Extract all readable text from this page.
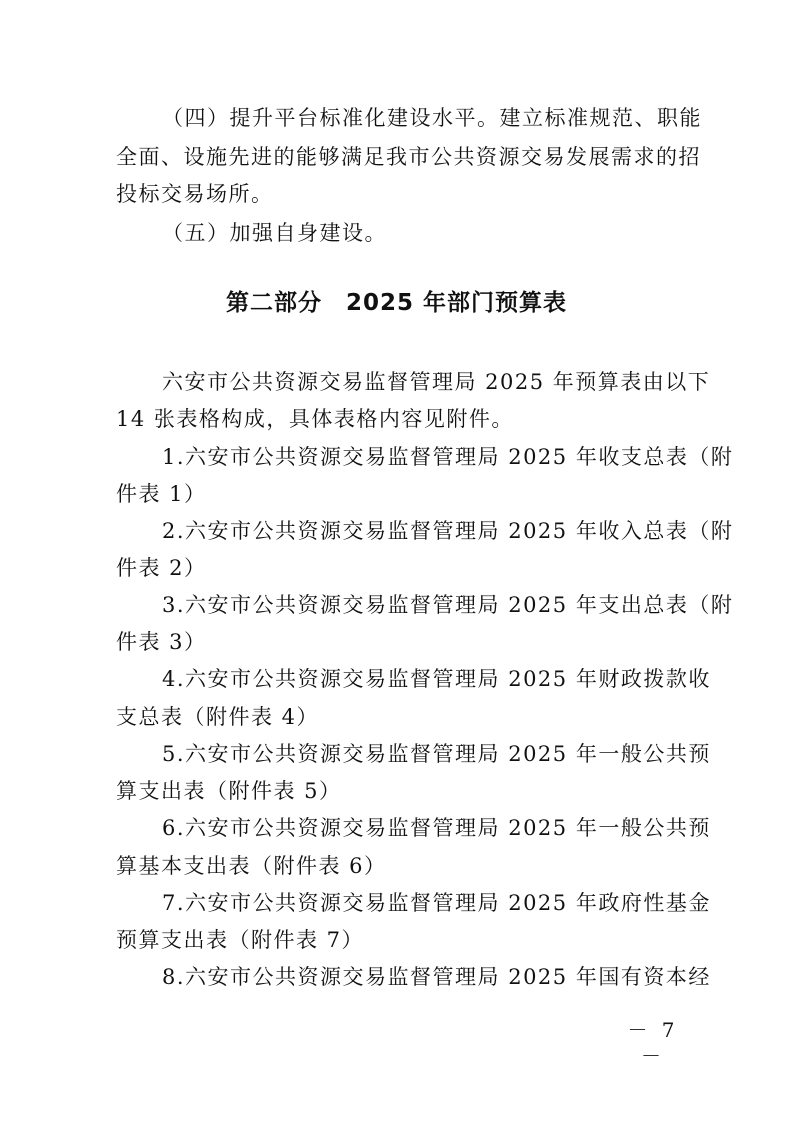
（四）提升平台标准化建设水平。建立标准规范、职能
全面、设施先进的能够满足我市公共资源交易发展需求的招
投标交易场所。
（五）加强自身建设。
第二部分　2025 年部门预算表
六安市公共资源交易监督管理局 2025 年预算表由以下
14 张表格构成，具体表格内容见附件。
1.六安市公共资源交易监督管理局 2025 年收支总表（附
件表 1）
2.六安市公共资源交易监督管理局 2025 年收入总表（附
件表 2）
3.六安市公共资源交易监督管理局 2025 年支出总表（附
件表 3）
4.六安市公共资源交易监督管理局 2025 年财政拨款收
支总表（附件表 4）
5.六安市公共资源交易监督管理局 2025 年一般公共预
算支出表（附件表 5）
6.六安市公共资源交易监督管理局 2025 年一般公共预
算基本支出表（附件表 6）
7.六安市公共资源交易监督管理局 2025 年政府性基金
预算支出表（附件表 7）
8.六安市公共资源交易监督管理局 2025 年国有资本经
－ 7 －
